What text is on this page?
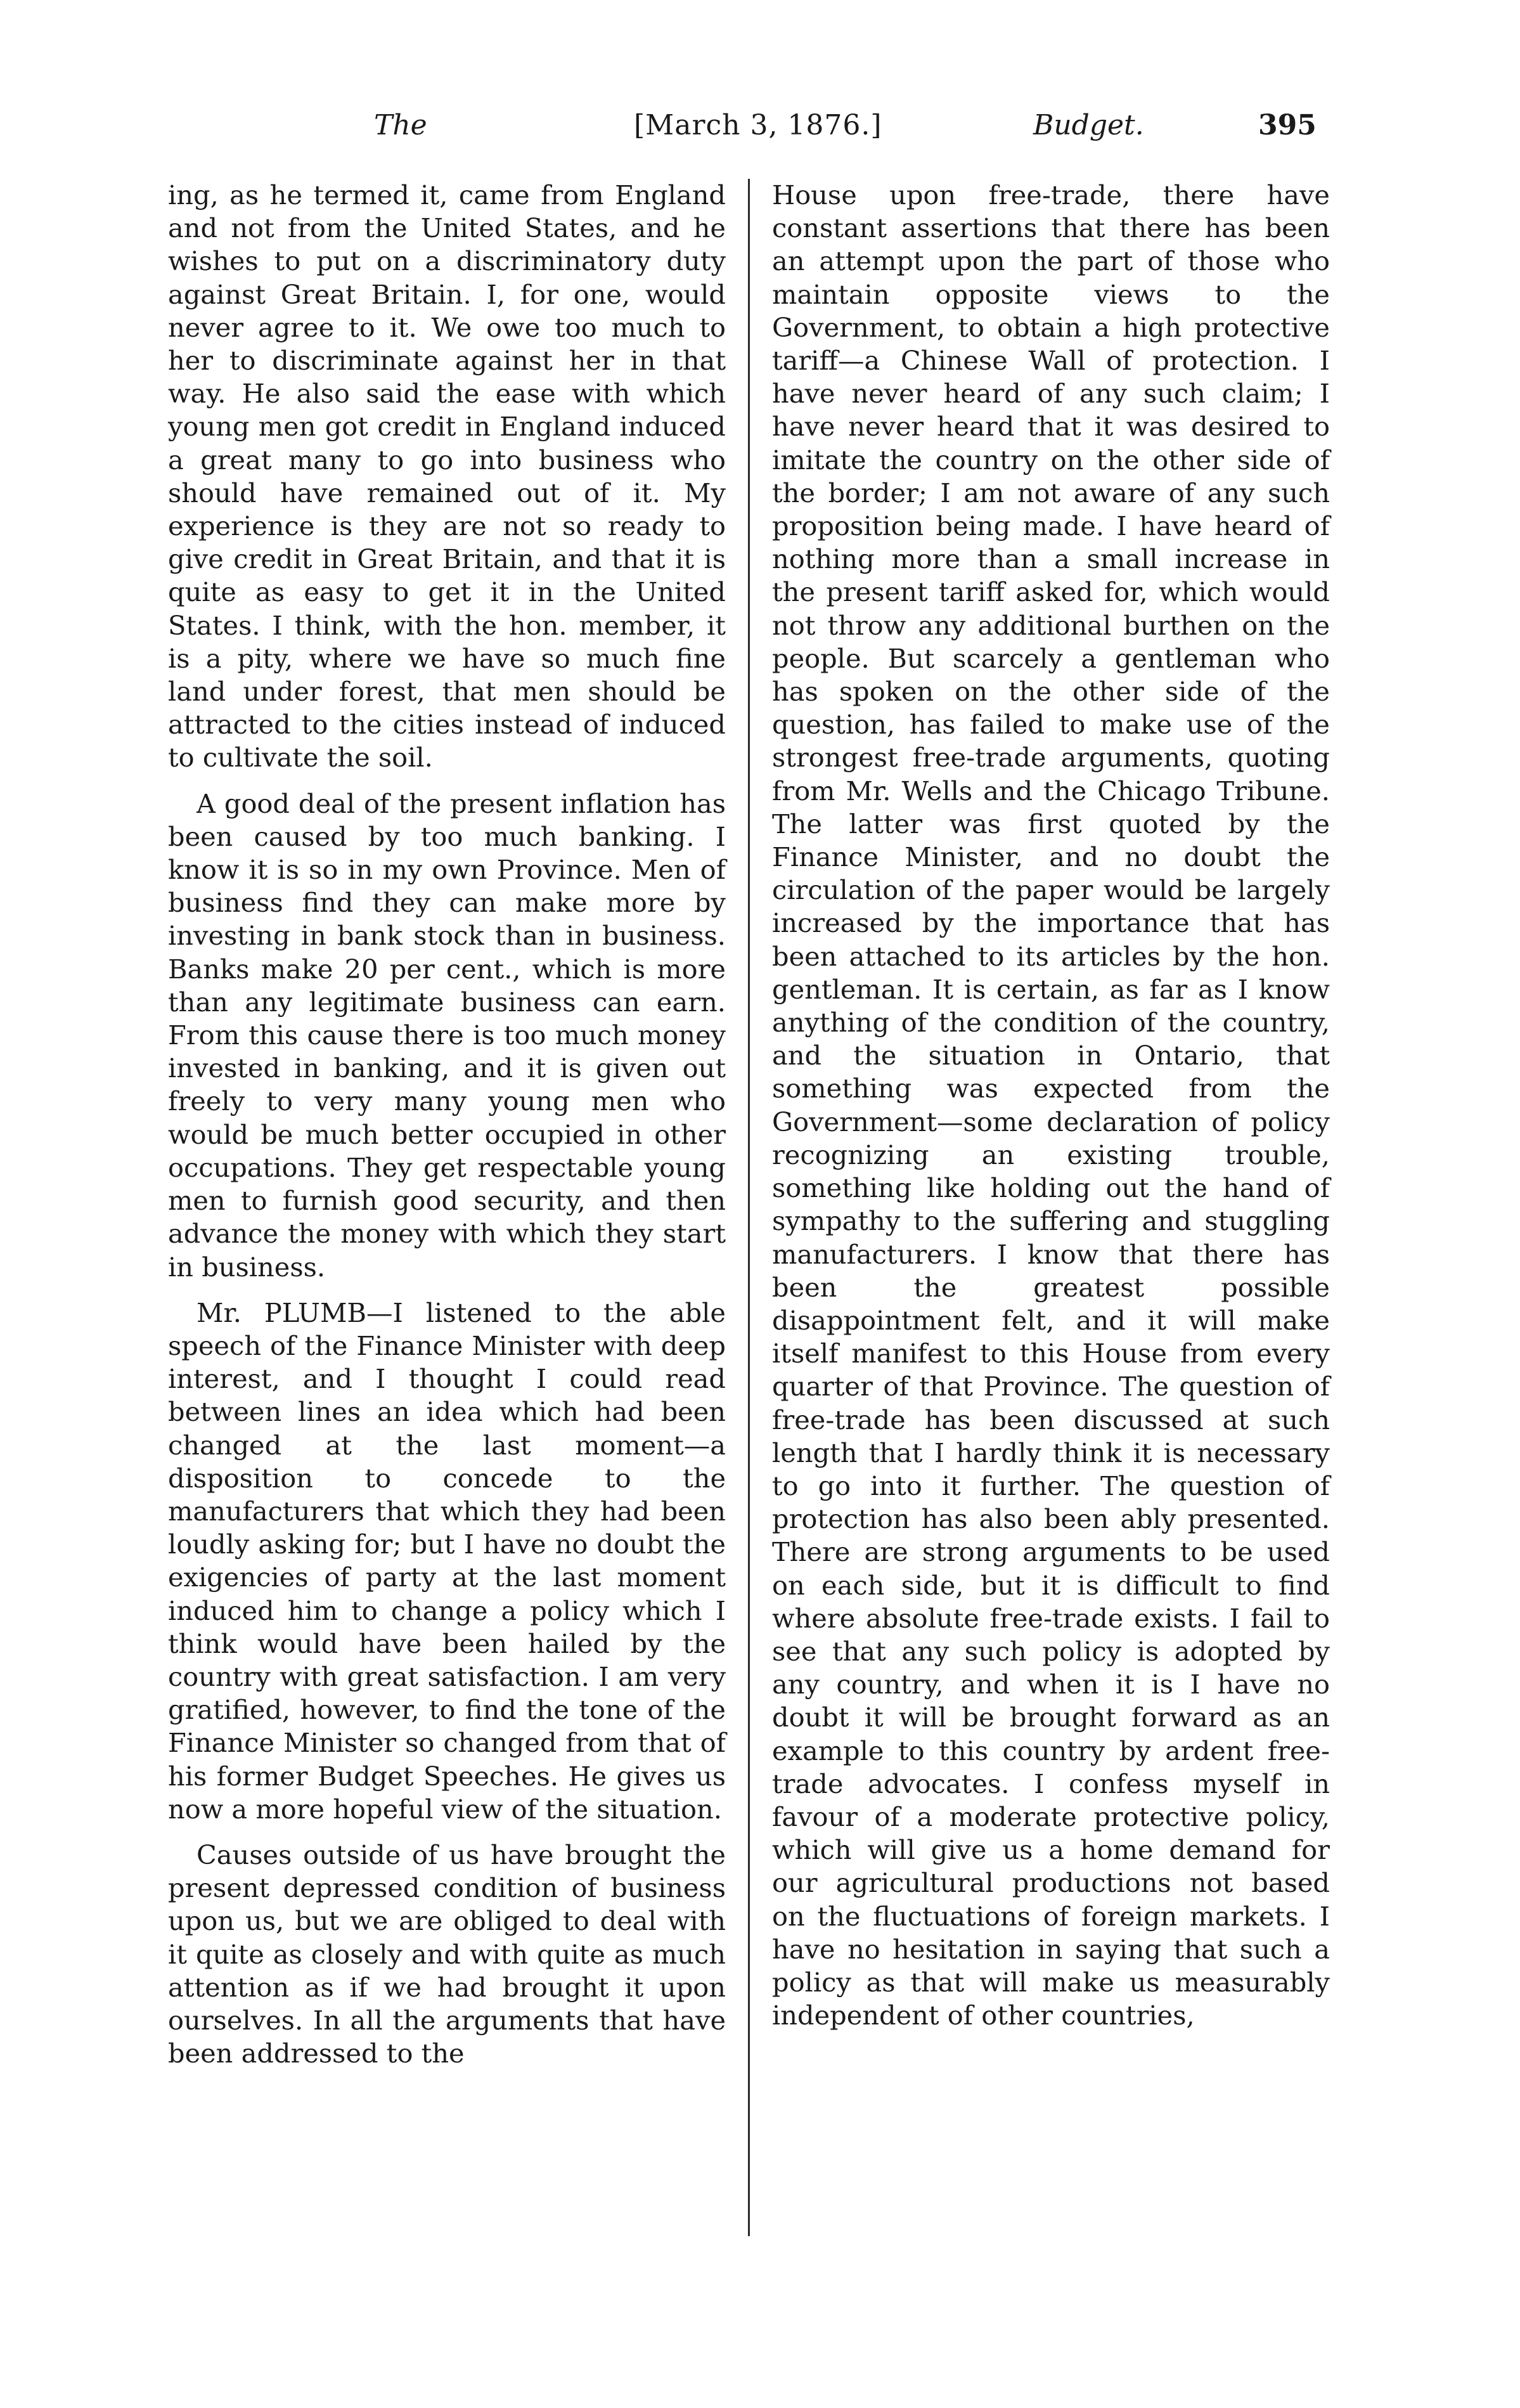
The	[March 3, 1876.]	Budget.	395

ing, as he termed it, came from England and not from the United States, and he wishes to put on a discriminatory duty against Great Britain. I, for one, would never agree to it. We owe too much to her to discriminate against her in that way. He also said the ease with which young men got credit in England induced a great many to go into business who should have remained out of it. My experience is they are not so ready to give credit in Great Britain, and that it is quite as easy to get it in the United States. I think, with the hon. member, it is a pity, where we have so much fine land under forest, that men should be attracted to the cities instead of induced to cultivate the soil.

A good deal of the present inflation has been caused by too much banking. I know it is so in my own Province. Men of business find they can make more by investing in bank stock than in business. Banks make 20 per cent., which is more than any legitimate business can earn. From this cause there is too much money invested in banking, and it is given out freely to very many young men who would be much better occupied in other occupations. They get respectable young men to furnish good security, and then advance the money with which they start in business.

Mr. PLUMB—I listened to the able speech of the Finance Minister with deep interest, and I thought I could read between lines an idea which had been changed at the last moment—a disposition to concede to the manufacturers that which they had been loudly asking for; but I have no doubt the exigencies of party at the last moment induced him to change a policy which I think would have been hailed by the country with great satisfaction. I am very gratified, however, to find the tone of the Finance Minister so changed from that of his former Budget Speeches. He gives us now a more hopeful view of the situation.

Causes outside of us have brought the present depressed condition of business upon us, but we are obliged to deal with it quite as closely and with quite as much attention as if we had brought it upon ourselves. In all the arguments that have been addressed to the

House upon free-trade, there have constant assertions that there has been an attempt upon the part of those who maintain opposite views to the Government, to obtain a high protective tariff—a Chinese Wall of protection. I have never heard of any such claim; I have never heard that it was desired to imitate the country on the other side of the border; I am not aware of any such proposition being made. I have heard of nothing more than a small increase in the present tariff asked for, which would not throw any additional burthen on the people. But scarcely a gentleman who has spoken on the other side of the question, has failed to make use of the strongest free-trade arguments, quoting from Mr. Wells and the Chicago Tribune. The latter was first quoted by the Finance Minister, and no doubt the circulation of the paper would be largely increased by the importance that has been attached to its articles by the hon. gentleman. It is certain, as far as I know anything of the condition of the country, and the situation in Ontario, that something was expected from the Government—some declaration of policy recognizing an existing trouble, something like holding out the hand of sympathy to the suffering and stuggling manufacturers. I know that there has been the greatest possible disappointment felt, and it will make itself manifest to this House from every quarter of that Province. The question of free-trade has been discussed at such length that I hardly think it is necessary to go into it further. The question of protection has also been ably presented. There are strong arguments to be used on each side, but it is difficult to find where absolute free-trade exists. I fail to see that any such policy is adopted by any country, and when it is I have no doubt it will be brought forward as an example to this country by ardent free-trade advocates. I confess myself in favour of a moderate protective policy, which will give us a home demand for our agricultural productions not based on the fluctuations of foreign markets. I have no hesitation in saying that such a policy as that will make us measurably independent of other countries,
